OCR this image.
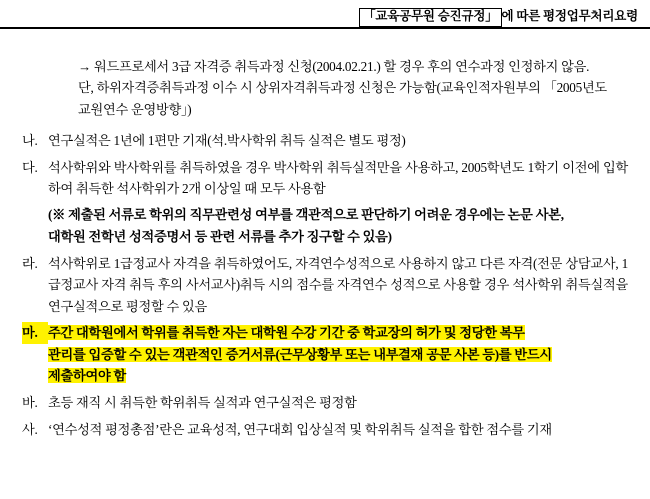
「교육공무원 승진규정」 에 따른 평정업무처리요령
→ 워드프로세서 3급 자격증 취득과정 신청(2004.02.21.) 할 경우 후의 연수과정 인정하지 않음.
단, 하위자격증취득과정 이수 시 상위자격취득과정 신청은 가능함(교육인적자원부의 「2005년도
교원연수 운영방향」)
나. 연구실적은 1년에 1편만 기재(석.박사학위 취득 실적은 별도 평정)
다. 석사학위와 박사학위를 취득하였을 경우 박사학위 취득실적만을 사용하고, 2005학년도 1학기 이전에 입학하여 취득한 석사학위가 2개 이상일 때 모두 사용함
(※ 제출된 서류로 학위의 직무관련성 여부를 객관적으로 판단하기 어려운 경우에는 논문 사본,
대학원 전학년 성적증명서 등 관련 서류를 추가 징구할 수 있음)
라. 석사학위로 1급정교사 자격을 취득하였어도, 자격연수성적으로 사용하지 않고 다른 자격(전문 상담교사, 1급정교사 자격 취득 후의 사서교사)취득 시의 점수를 자격연수 성적으로 사용할 경우 석사학위 취득실적을 연구실적으로 평정할 수 있음
마. 주간 대학원에서 학위를 취득한 자는 대학원 수강 기간 중 학교장의 허가 및 정당한 복무
관리를 입증할 수 있는 객관적인 증거서류(근무상황부 또는 내부결재 공문 사본 등)를 반드시
제출하여야 함
바. 초등 재직 시 취득한 학위취득 실적과 연구실적은 평정함
사. ‘연수성적 평정총점’란은 교육성적, 연구대회 입상실적 및 학위취득 실적을 합한 점수를 기재
